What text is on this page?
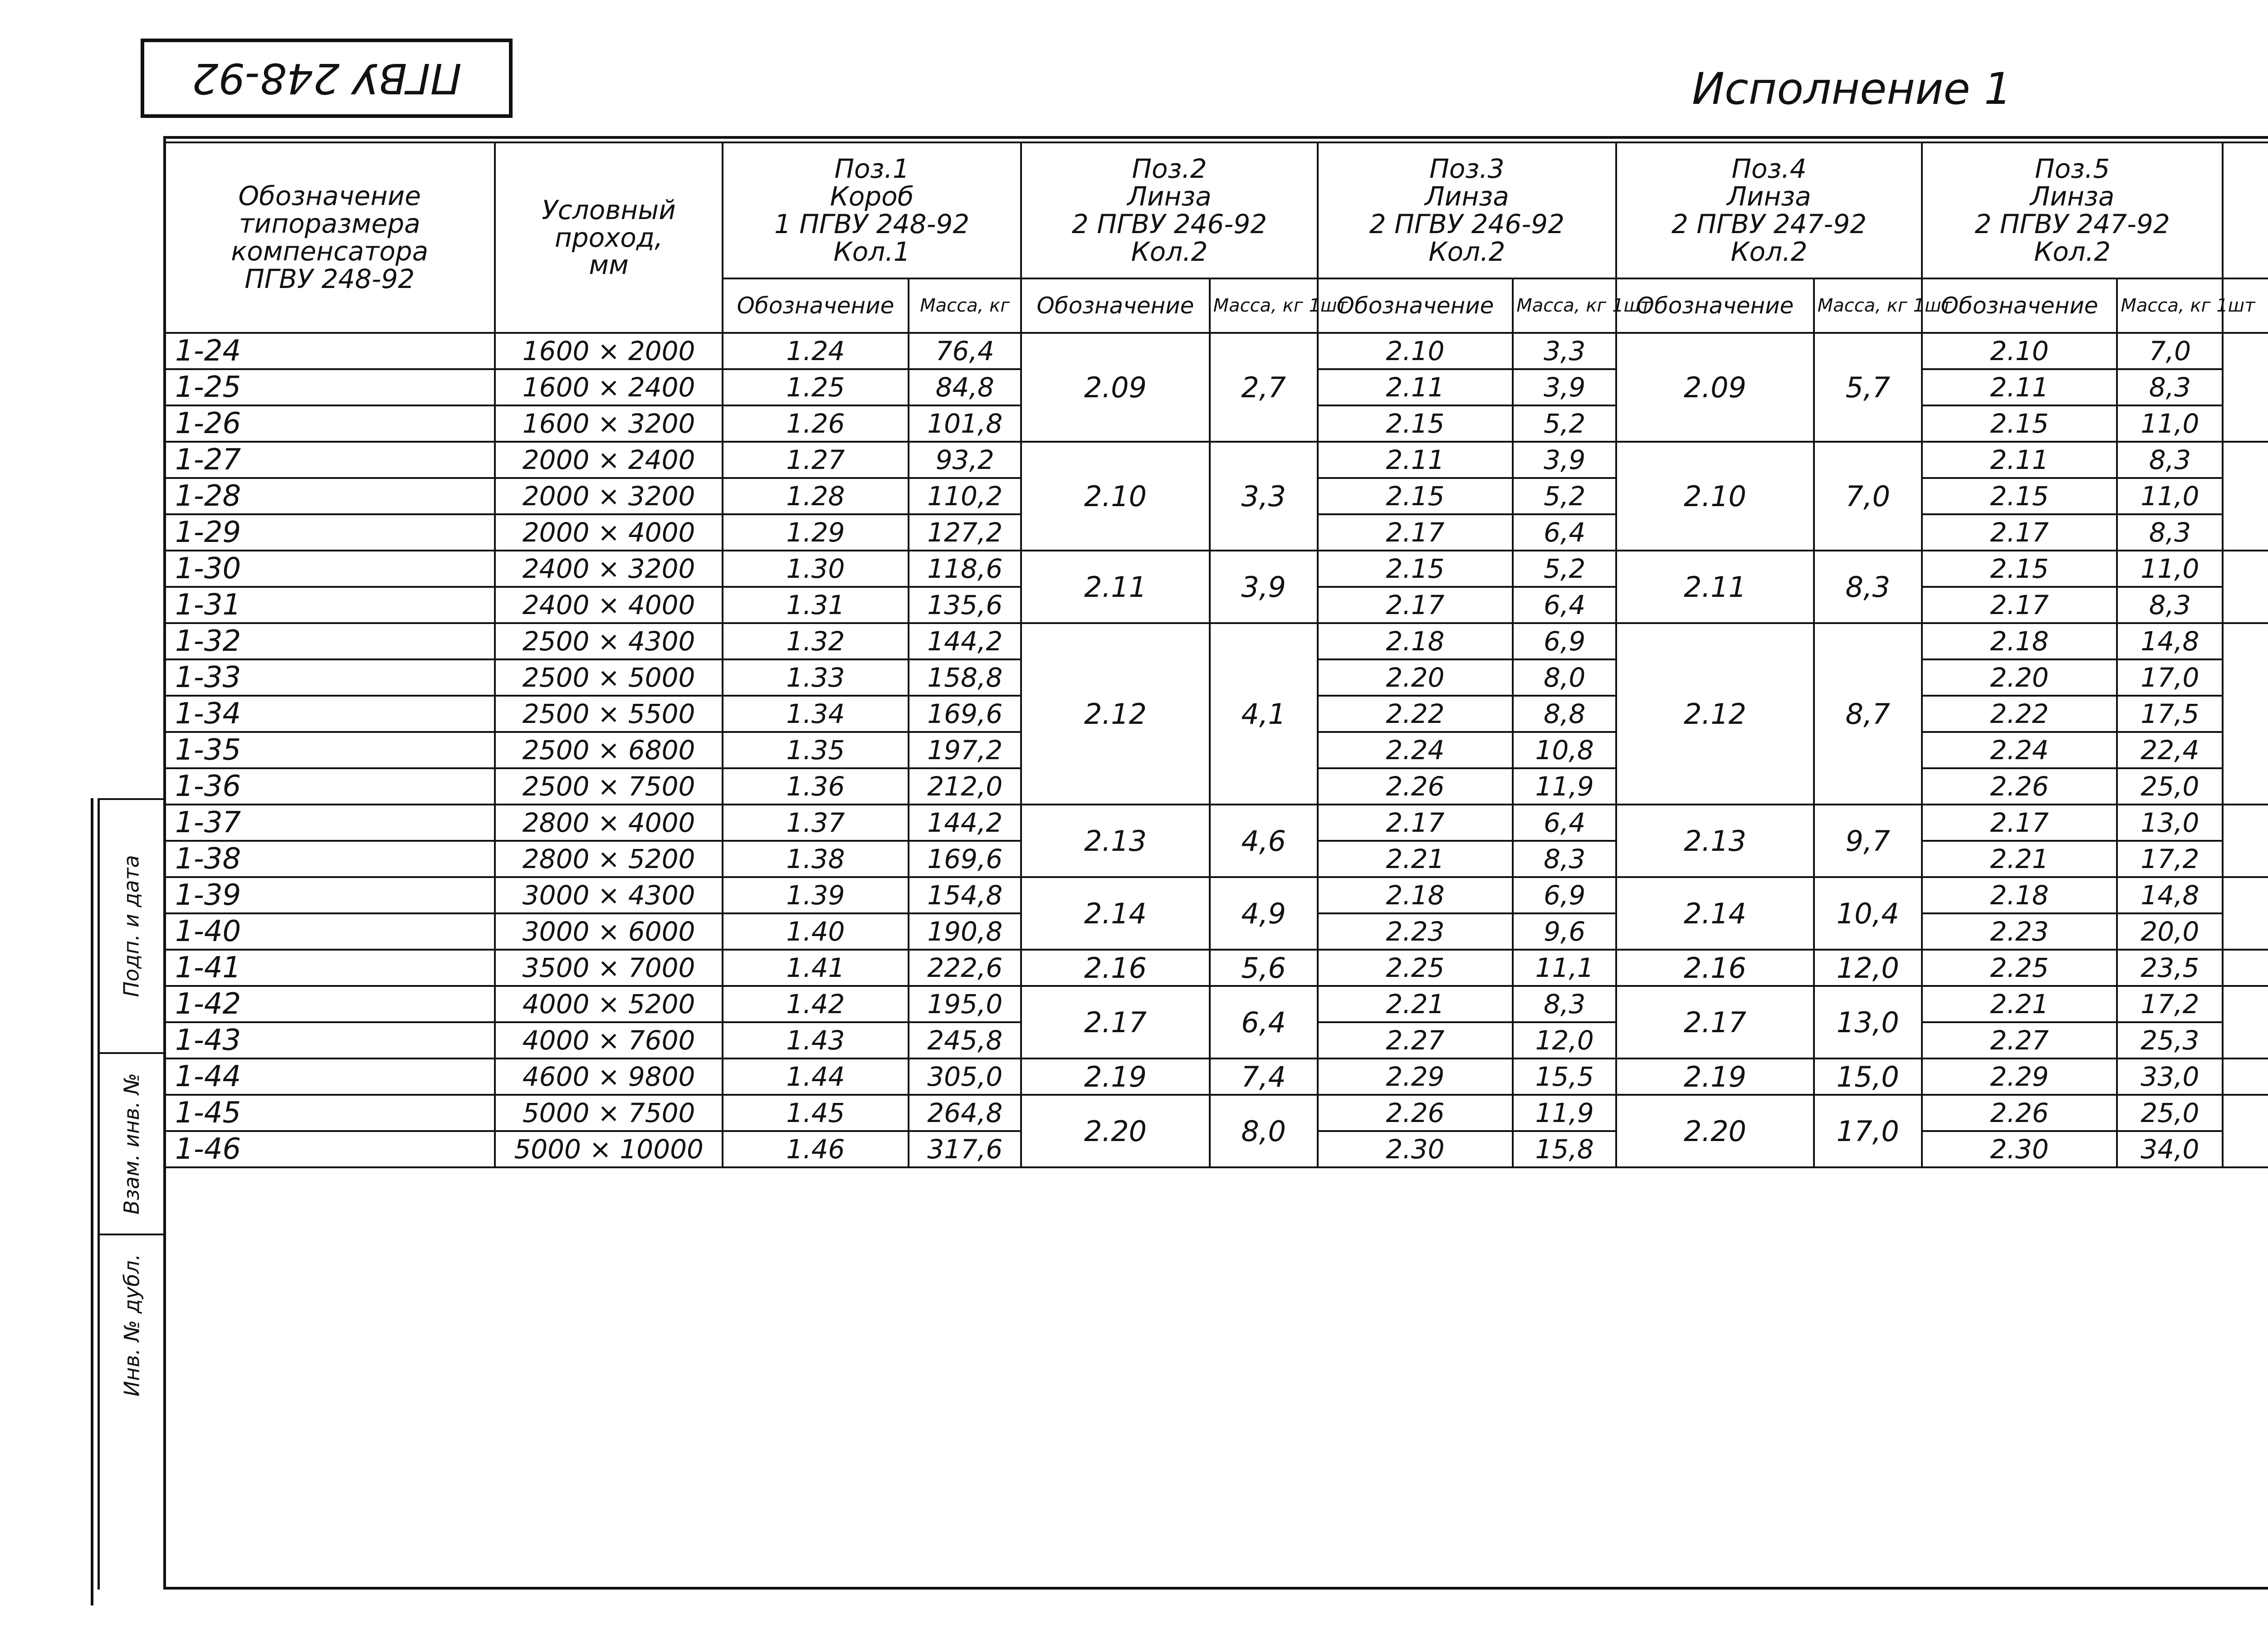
ПГВУ 248-92	Исполнение 1
Подп. и дата
Взам. инв. №
Инв. № дубл.
Обозначение
типоразмера
компенсатора
ПГВУ 248-92	Условный
проход,
мм	Поз.1
Короб
1 ПГВУ 248-92
Кол.1		Поз.2
Линза
2 ПГВУ 246-92
Кол.2		Поз.3
Линза
2 ПГВУ 246-92
Кол.2		Поз.4
Линза
2 ПГВУ 247-92
Кол.2		Поз.5
Линза
2 ПГВУ 247-92
Кол.2

		Обозначение	Масса, кг	Обозначение	Масса, кг 1шт	Обозначение	Масса, кг 1шт	Обозначение	Масса, кг 1шт	Обозначение	Масса, кг 1шт										
1-24	1600 × 2000	1.24	76,4	2.09	2,7	2.10	3,3	2.09	5,7	2.10	7,0										
1-25	1600 × 2400	1.25	84,8			2.11	3,9			2.11	8,3				
1-26	1600 × 3200	1.26	101,8			2.15	5,2			2.15	11,0				
1-27	2000 × 2400	1.27	93,2	2.10	3,3	2.11	3,9	2.10	7,0	2.11	8,3								
1-28	2000 × 3200	1.28	110,2			2.15	5,2			2.15	11,0				
1-29	2000 × 4000	1.29	127,2			2.17	6,4			2.17	8,3				
1-30	2400 × 3200	1.30	118,6	2.11	3,9	2.15	5,2	2.11	8,3	2.15	11,0								
1-31	2400 × 4000	1.31	135,6			2.17	6,4			2.17	8,3				
1-32	2500 × 4300	1.32	144,2	2.12	4,1	2.18	6,9	2.12	8,7	2.18	14,8										
1-33	2500 × 5000	1.33	158,8			2.20	8,0			2.20	17,0				
1-34	2500 × 5500	1.34	169,6			2.22	8,8			2.22	17,5				
1-35	2500 × 6800	1.35	197,2			2.24	10,8			2.24	22,4				
1-36	2500 × 7500	1.36	212,0			2.26	11,9			2.26	25,0				
1-37	2800 × 4000	1.37	144,2	2.13	4,6	2.17	6,4	2.13	9,7	2.17	13,0										
1-38	2800 × 5200	1.38	169,6			2.21	8,3			2.21	17,2						
1-39	3000 × 4300	1.39	154,8	2.14	4,9	2.18	6,9	2.14	10,4	2.18	14,8										
1-40	3000 × 6000	1.40	190,8			2.23	9,6			2.23	20,0						
1-41	3500 × 7000	1.41	222,6	2.16	5,6	2.25	11,1	2.16	12,0	2.25	23,5								
1-42	4000 × 5200	1.42	195,0	2.17	6,4	2.21	8,3	2.17	13,0	2.21	17,2										
1-43	4000 × 7600	1.43	245,8			2.27	12,0			2.27	25,3						
1-44	4600 × 9800	1.44	305,0	2.19	7,4	2.29	15,5	2.19	15,0	2.29	33,0										
1-45	5000 × 7500	1.45	264,8	2.20	8,0	2.26	11,9	2.20	17,0	2.26	25,0										
1-46	5000 × 10000	1.46	317,6			2.30	15,8			2.30	34,0						
